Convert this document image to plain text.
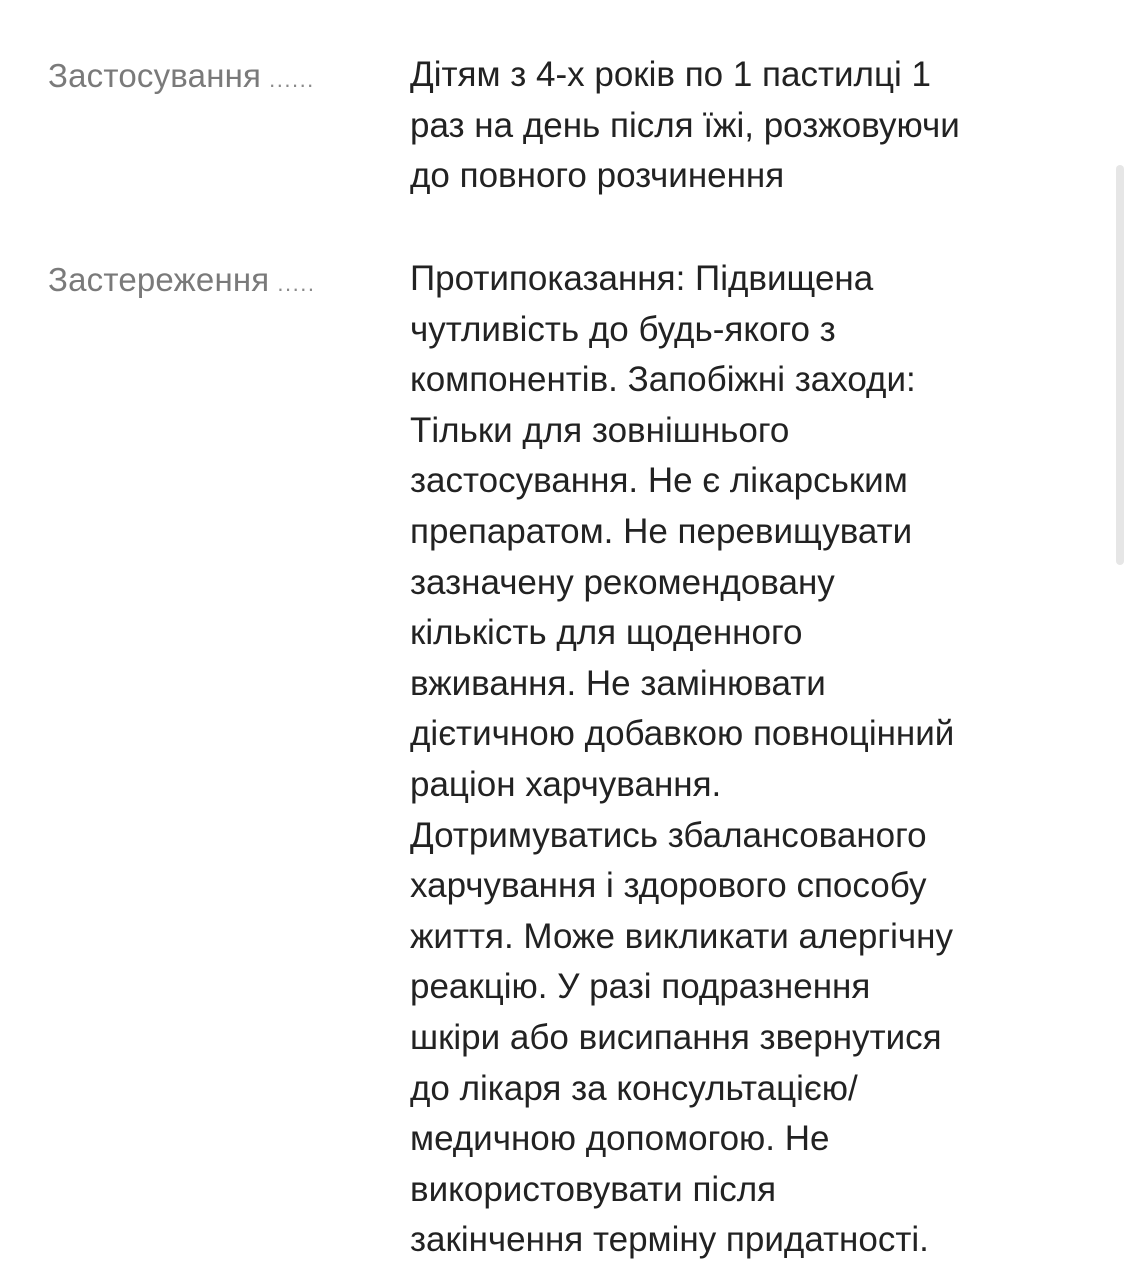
Застосування ......	Дітям з 4-х років по 1 пастилці 1
раз на день після їжі, розжовуючи
до повного розчинення

Застереження .....	Протипоказання: Підвищена
чутливість до будь-якого з
компонентів. Запобіжні заходи:
Тільки для зовнішнього
застосування. Не є лікарським
препаратом. Не перевищувати
зазначену рекомендовану
кількість для щоденного
вживання. Не замінювати
дієтичною добавкою повноцінний
раціон харчування.
Дотримуватись збалансованого
харчування і здорового способу
життя. Може викликати алергічну
реакцію. У разі подразнення
шкіри або висипання звернутися
до лікаря за консультацією/
медичною допомогою. Не
використовувати після
закінчення терміну придатності.
